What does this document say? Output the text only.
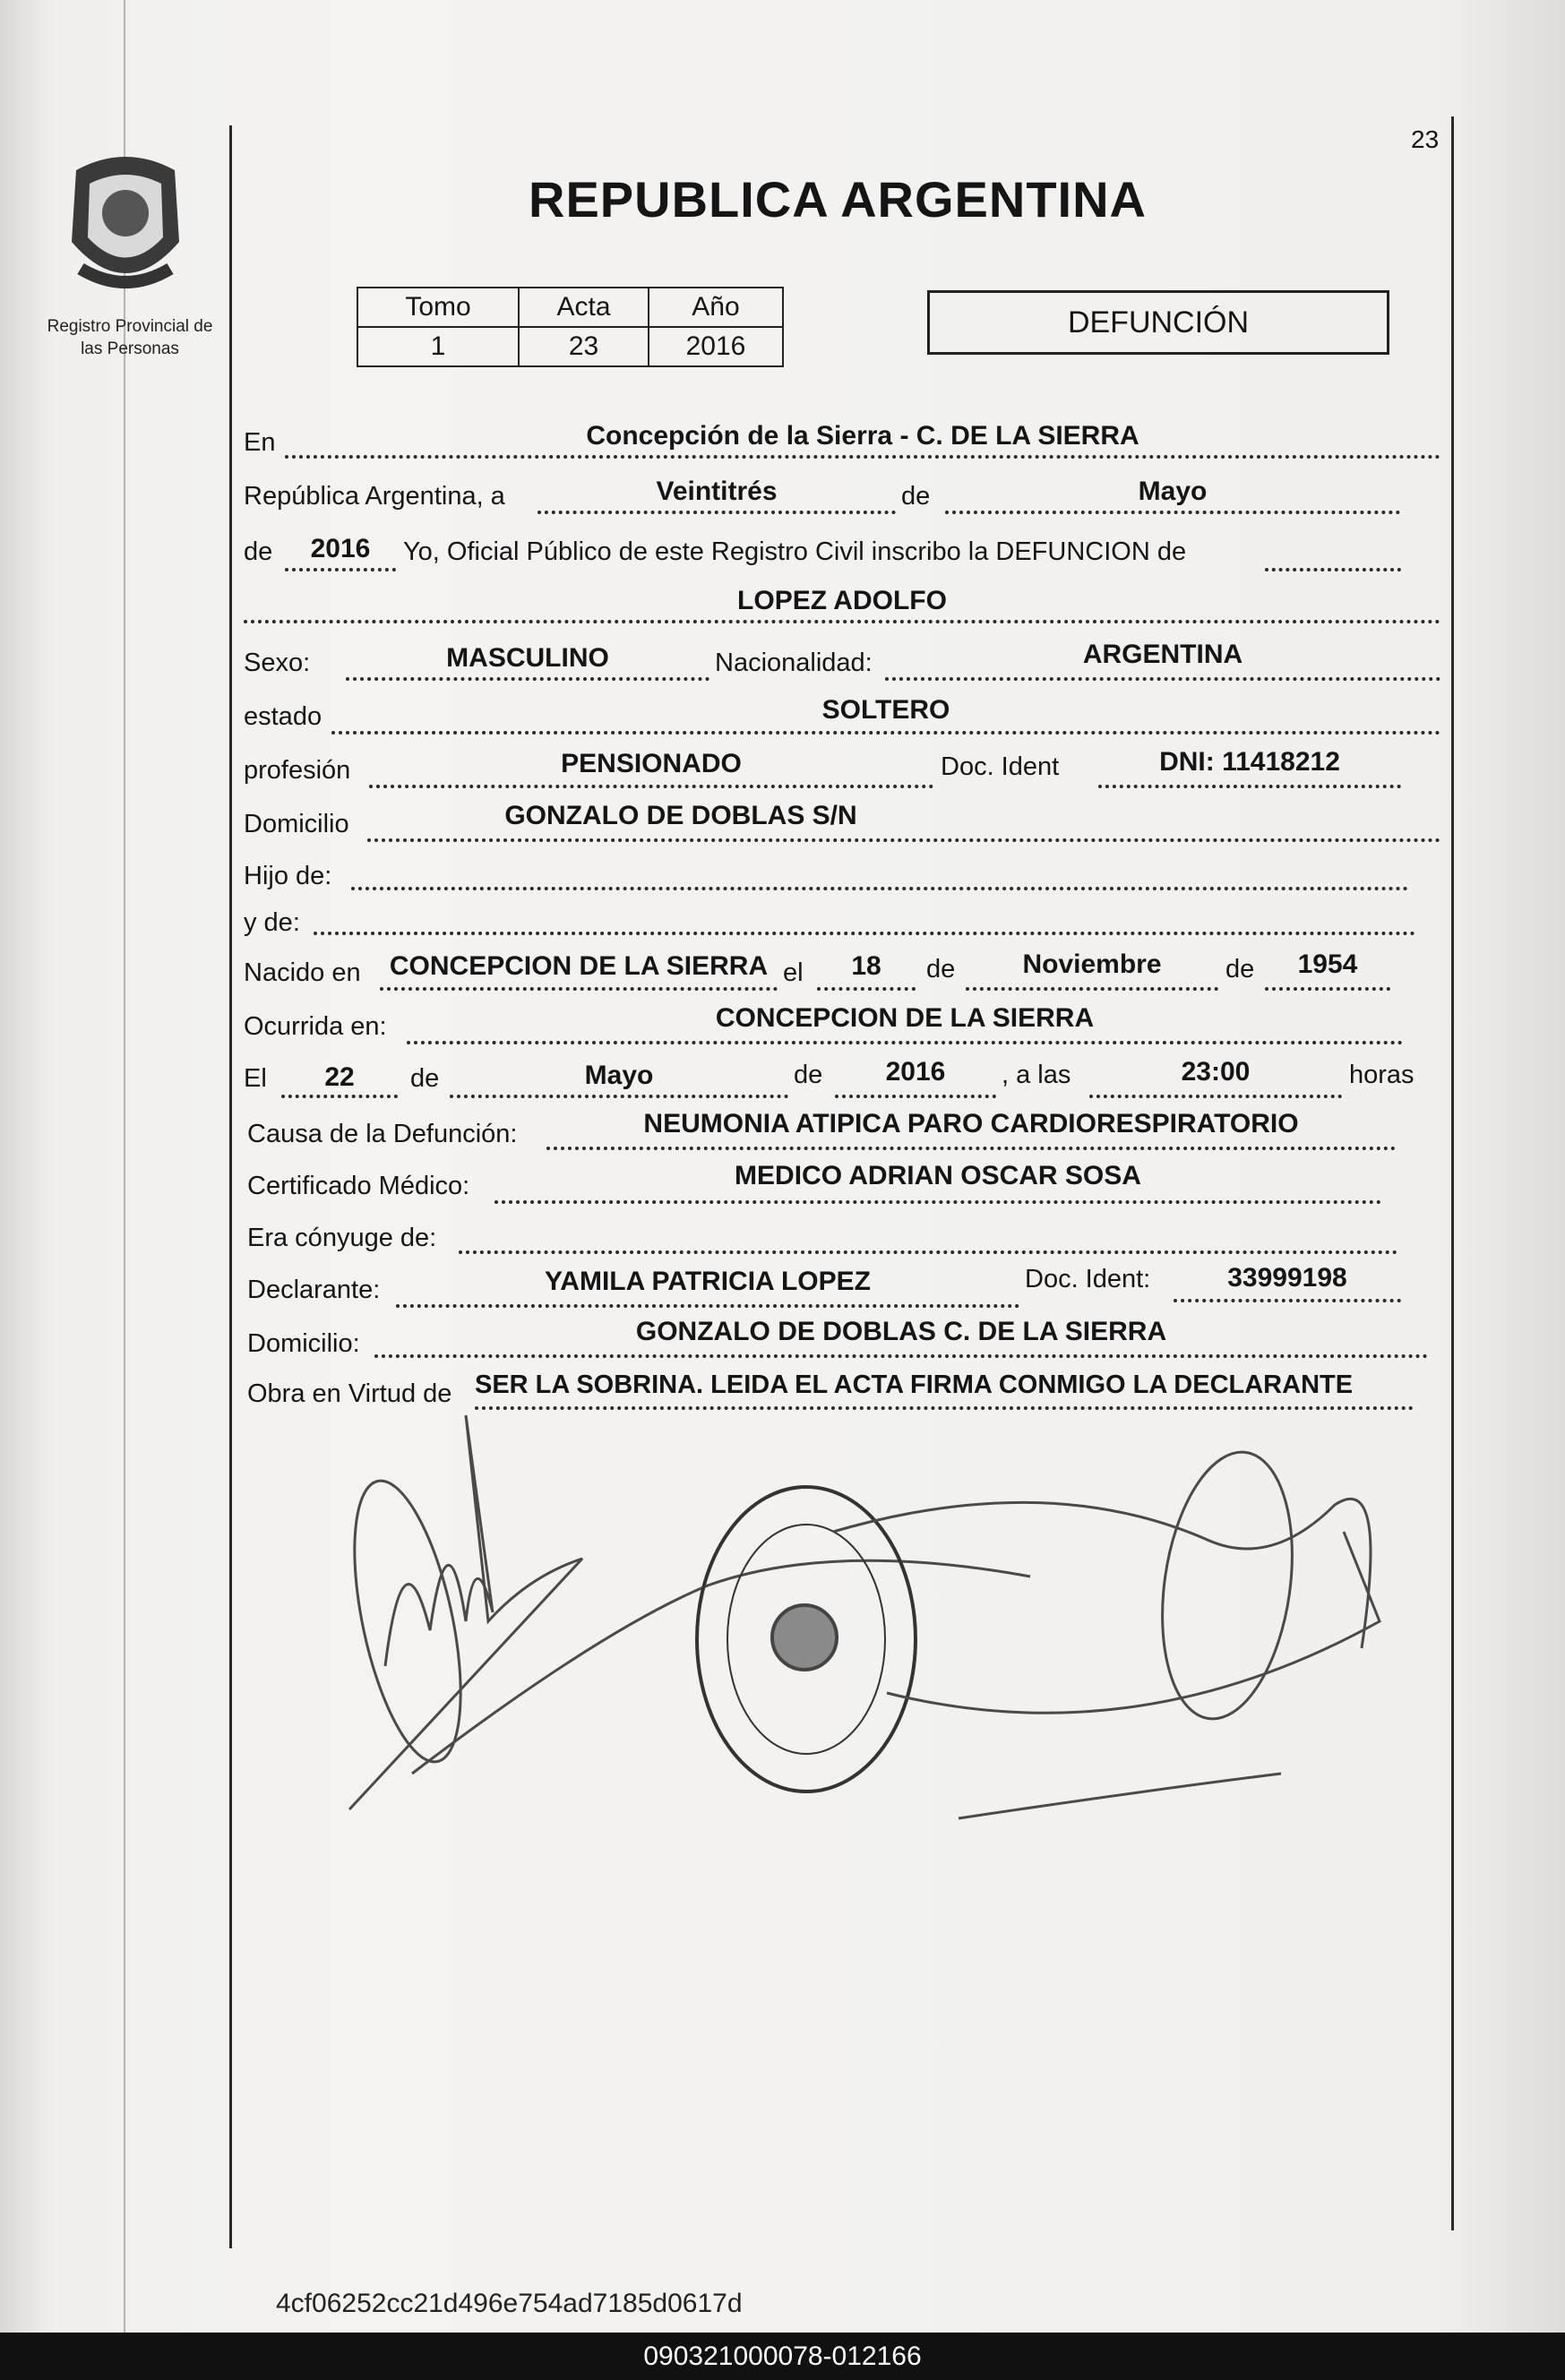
Registro Provincial de
las Personas
23
REPUBLICA ARGENTINA
Tomo	Acta	Año
1	23	2016
DEFUNCIÓN
En	Concepción de la Sierra - C. DE LA SIERRA
República Argentina, a	Veintitrés	de	Mayo
de	2016	Yo, Oficial Público de este Registro Civil inscribo la DEFUNCION de
LOPEZ ADOLFO
Sexo:	MASCULINO	Nacionalidad:	ARGENTINA
estado	SOLTERO
profesión	PENSIONADO	Doc. Ident	DNI: 11418212
Domicilio	GONZALO DE DOBLAS S/N
Hijo de:
y de:
Nacido en	CONCEPCION DE LA SIERRA el	18	de	Noviembre	de	1954
Ocurrida en:	CONCEPCION DE LA SIERRA
El	22	de	Mayo	de	2016	, a las	23:00	horas
Causa de la Defunción:	NEUMONIA ATIPICA PARO CARDIORESPIRATORIO
Certificado Médico:	MEDICO ADRIAN OSCAR SOSA
Era cónyuge de:
Declarante:	YAMILA PATRICIA LOPEZ	Doc. Ident:	33999198
Domicilio:	GONZALO DE DOBLAS C. DE LA SIERRA
Obra en Virtud de SER LA SOBRINA. LEIDA EL ACTA FIRMA CONMIGO LA DECLARANTE
4cf06252cc21d496e754ad7185d0617d
090321000078-012166
